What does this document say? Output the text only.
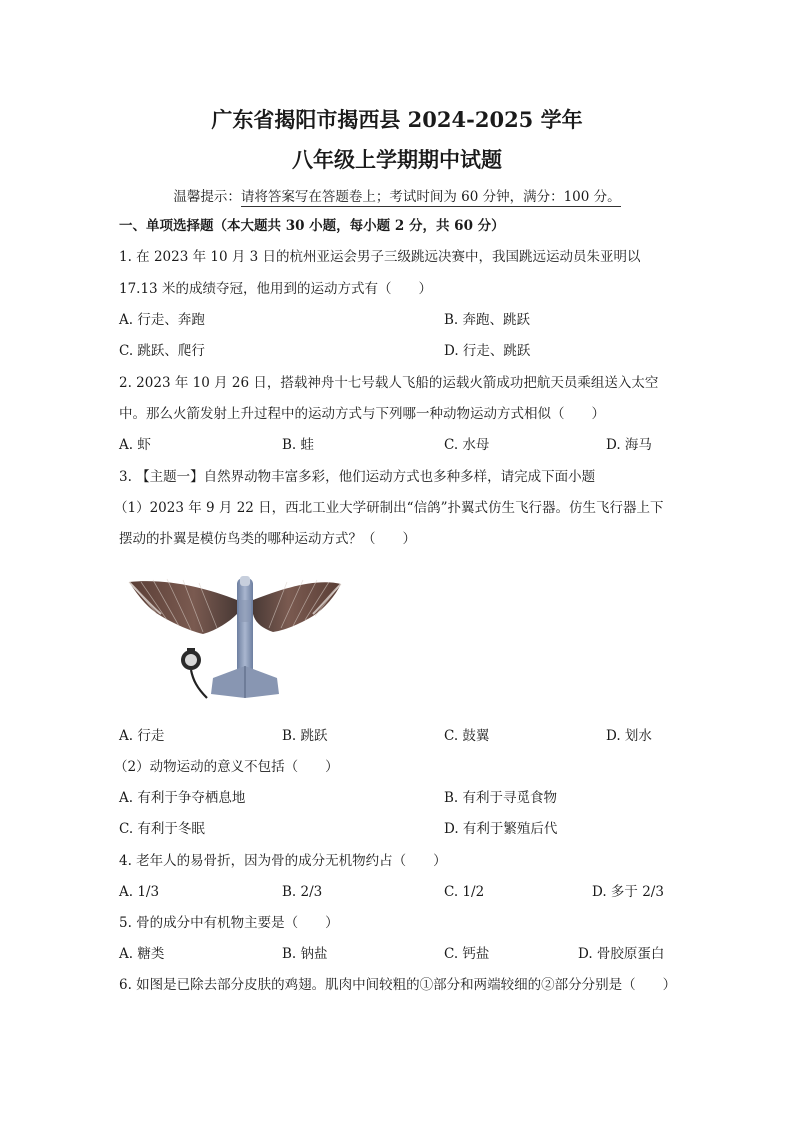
广东省揭阳市揭西县 2024-2025 学年
八年级上学期期中试题
温馨提示：请将答案写在答题卷上；考试时间为 60 分钟，满分：100 分。
一、单项选择题（本大题共 30 小题，每小题 2 分，共 60 分）
1. 在 2023 年 10 月 3 日的杭州亚运会男子三级跳远决赛中，我国跳远运动员朱亚明以
17.13 米的成绩夺冠，他用到的运动方式有（　　）
A. 行走、奔跑	B. 奔跑、跳跃
C. 跳跃、爬行	D. 行走、跳跃
2. 2023 年 10 月 26 日，搭载神舟十七号载人飞船的运载火箭成功把航天员乘组送入太空
中。那么火箭发射上升过程中的运动方式与下列哪一种动物运动方式相似（　　）
A. 虾	B. 蛙	C. 水母	D. 海马
3. 【主题一】自然界动物丰富多彩，他们运动方式也多种多样，请完成下面小题
（1）2023 年 9 月 22 日，西北工业大学研制出“信鸽”扑翼式仿生飞行器。仿生飞行器上下
摆动的扑翼是模仿鸟类的哪种运动方式？（　　）
A. 行走	B. 跳跃	C. 鼓翼	D. 划水
（2）动物运动的意义不包括（　　）
A. 有利于争夺栖息地	B. 有利于寻觅食物
C. 有利于冬眠	D. 有利于繁殖后代
4. 老年人的易骨折，因为骨的成分无机物约占（　　）
A. 1/3	B. 2/3	C. 1/2	D. 多于 2/3
5. 骨的成分中有机物主要是（　　）
A. 糖类	B. 钠盐	C. 钙盐	D. 骨胶原蛋白
6. 如图是已除去部分皮肤的鸡翅。肌肉中间较粗的①部分和两端较细的②部分分别是（　　）
